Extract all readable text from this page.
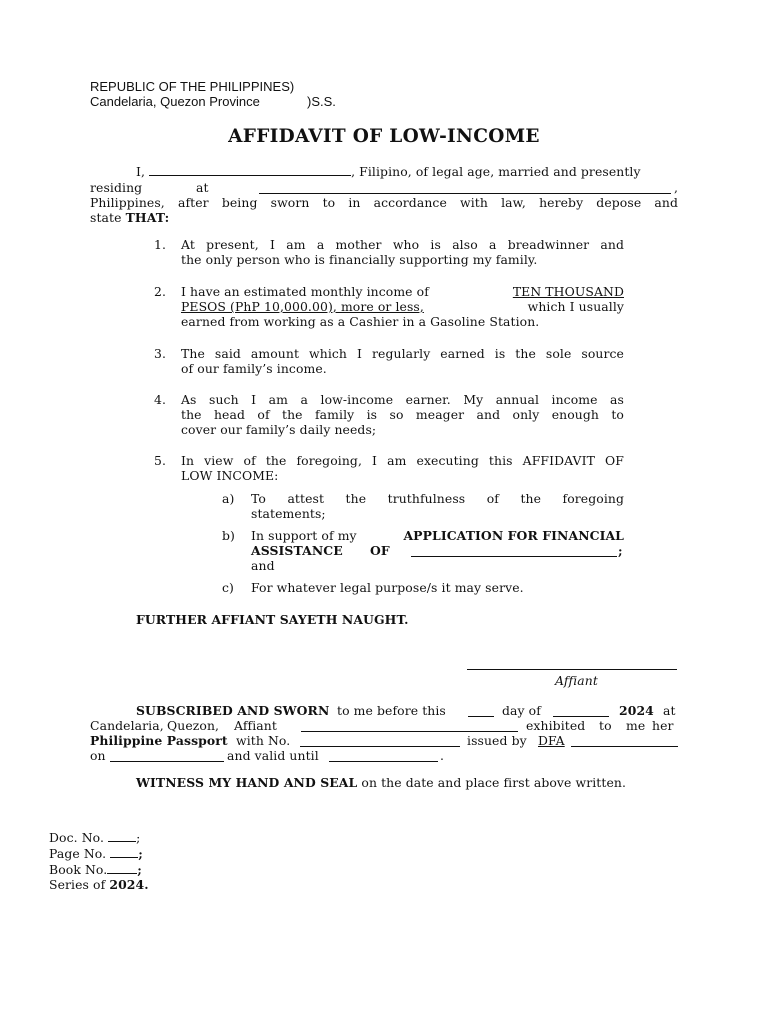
REPUBLIC OF THE PHILIPPINES)
Candelaria, Quezon Province	)S.S.
AFFIDAVIT OF LOW-INCOME
I,	, Filipino, of legal age, married and presently
residing	at	,
Philippines, after being sworn to in accordance with law, hereby depose and
state THAT:
1. At present, I am a mother who is also a breadwinner and
the only person who is financially supporting my family.
2. I have an estimated monthly income of	TEN THOUSAND
PESOS (PhP 10,000.00), more or less,	which I usually
earned from working as a Cashier in a Gasoline Station.
3. The said amount which I regularly earned is the sole source
of our family’s income.
4. As such I am a low-income earner. My annual income as
the head of the family is so meager and only enough to
cover our family’s daily needs;
5. In view of the foregoing, I am executing this AFFIDAVIT OF
LOW INCOME:
a) To attest the truthfulness of the foregoing
statements;
b) In support of my	APPLICATION FOR FINANCIAL
ASSISTANCE OF	;
and
c) For whatever legal purpose/s it may serve.
FURTHER AFFIANT SAYETH NAUGHT.
Affiant
SUBSCRIBED AND SWORN to me before this	day of	2024 at
Candelaria, Quezon, Affiant	exhibited to me her
Philippine Passport with No.	issued by DFA
on	and valid until	.
WITNESS MY HAND AND SEAL on the date and place first above written.
Doc. No.	;
Page No.	;
Book No. ;
Series of 2024.
